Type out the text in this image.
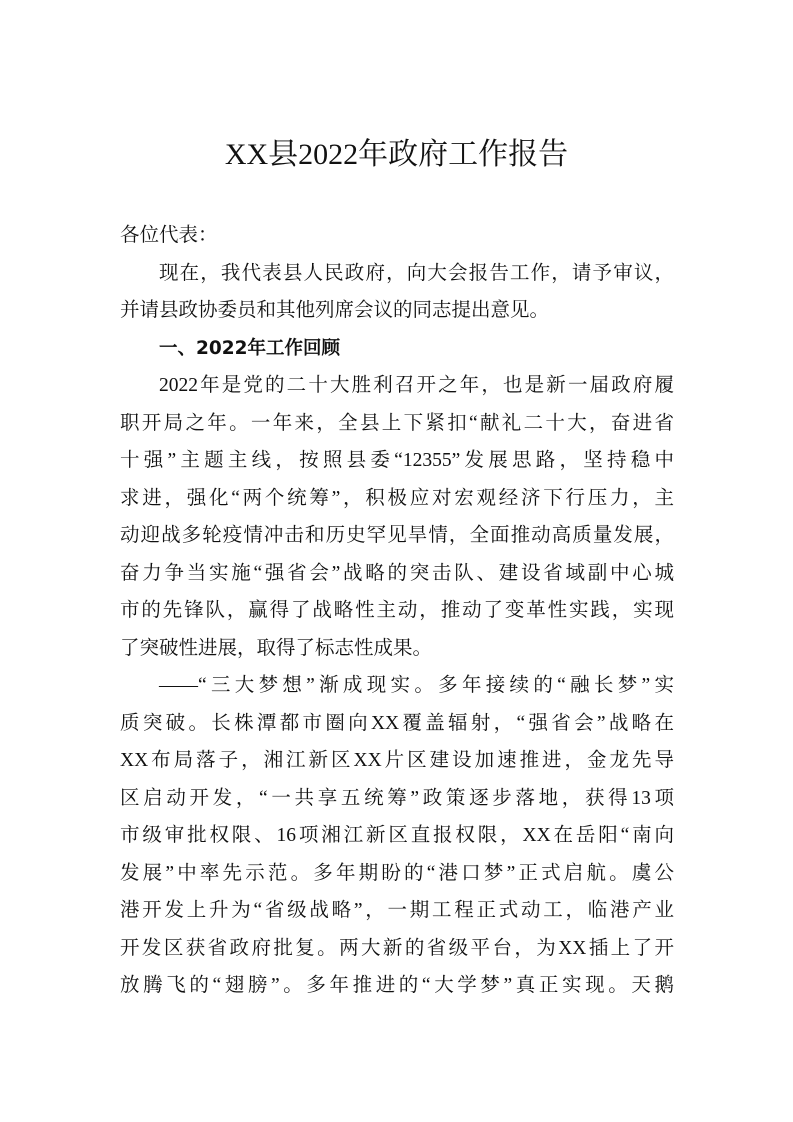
XX县2022年政府工作报告
各位代表：
现在，我代表县人民政府，向大会报告工作，请予审议，
并请县政协委员和其他列席会议的同志提出意见。
一、2022年工作回顾
2022年是党的二十大胜利召开之年，也是新一届政府履
职开局之年。一年来，全县上下紧扣“献礼二十大，奋进省
十强”主题主线，按照县委“12355”发展思路，坚持稳中
求进，强化“两个统筹”，积极应对宏观经济下行压力，主
动迎战多轮疫情冲击和历史罕见旱情，全面推动高质量发展，
奋力争当实施“强省会”战略的突击队、建设省域副中心城
市的先锋队，赢得了战略性主动，推动了变革性实践，实现
了突破性进展，取得了标志性成果。
——“三大梦想”渐成现实。多年接续的“融长梦”实
质突破。长株潭都市圈向XX覆盖辐射，“强省会”战略在
XX布局落子，湘江新区XX片区建设加速推进，金龙先导
区启动开发，“一共享五统筹”政策逐步落地，获得13项
市级审批权限、16项湘江新区直报权限，XX在岳阳“南向
发展”中率先示范。多年期盼的“港口梦”正式启航。虞公
港开发上升为“省级战略”，一期工程正式动工，临港产业
开发区获省政府批复。两大新的省级平台，为XX插上了开
放腾飞的“翅膀”。多年推进的“大学梦”真正实现。天鹅
